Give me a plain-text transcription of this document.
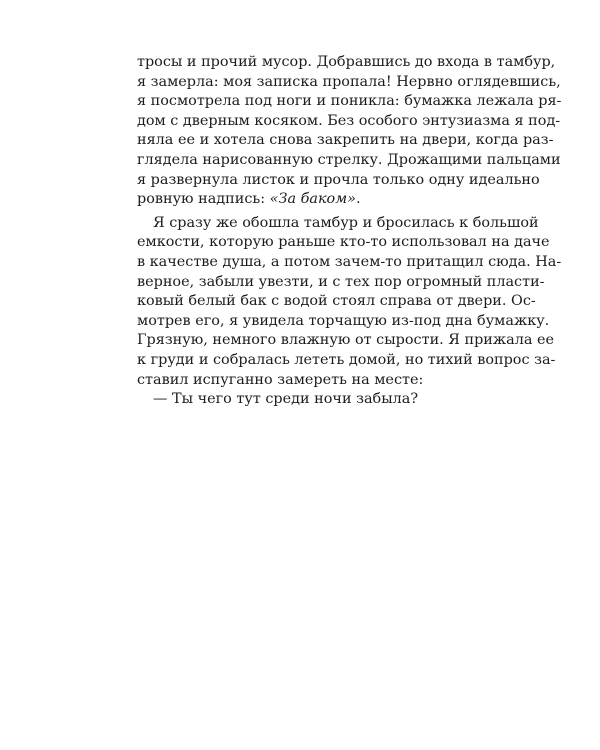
тросы и прочий мусор. Добравшись до входа в тамбур,
я замерла: моя записка пропала! Нервно оглядевшись,
я посмотрела под ноги и поникла: бумажка лежала ря-
дом с дверным косяком. Без особого энтузиазма я под-
няла ее и хотела снова закрепить на двери, когда раз-
глядела нарисованную стрелку. Дрожащими пальцами
я развернула листок и прочла только одну идеально
ровную надпись: «За баком».
Я сразу же обошла тамбур и бросилась к большой
емкости, которую раньше кто-то использовал на даче
в качестве душа, а потом зачем-то притащил сюда. На-
верное, забыли увезти, и с тех пор огромный пласти-
ковый белый бак с водой стоял справа от двери. Ос-
мотрев его, я увидела торчащую из-под дна бумажку.
Грязную, немного влажную от сырости. Я прижала ее
к груди и собралась лететь домой, но тихий вопрос за-
ставил испуганно замереть на месте:
— Ты чего тут среди ночи забыла?
